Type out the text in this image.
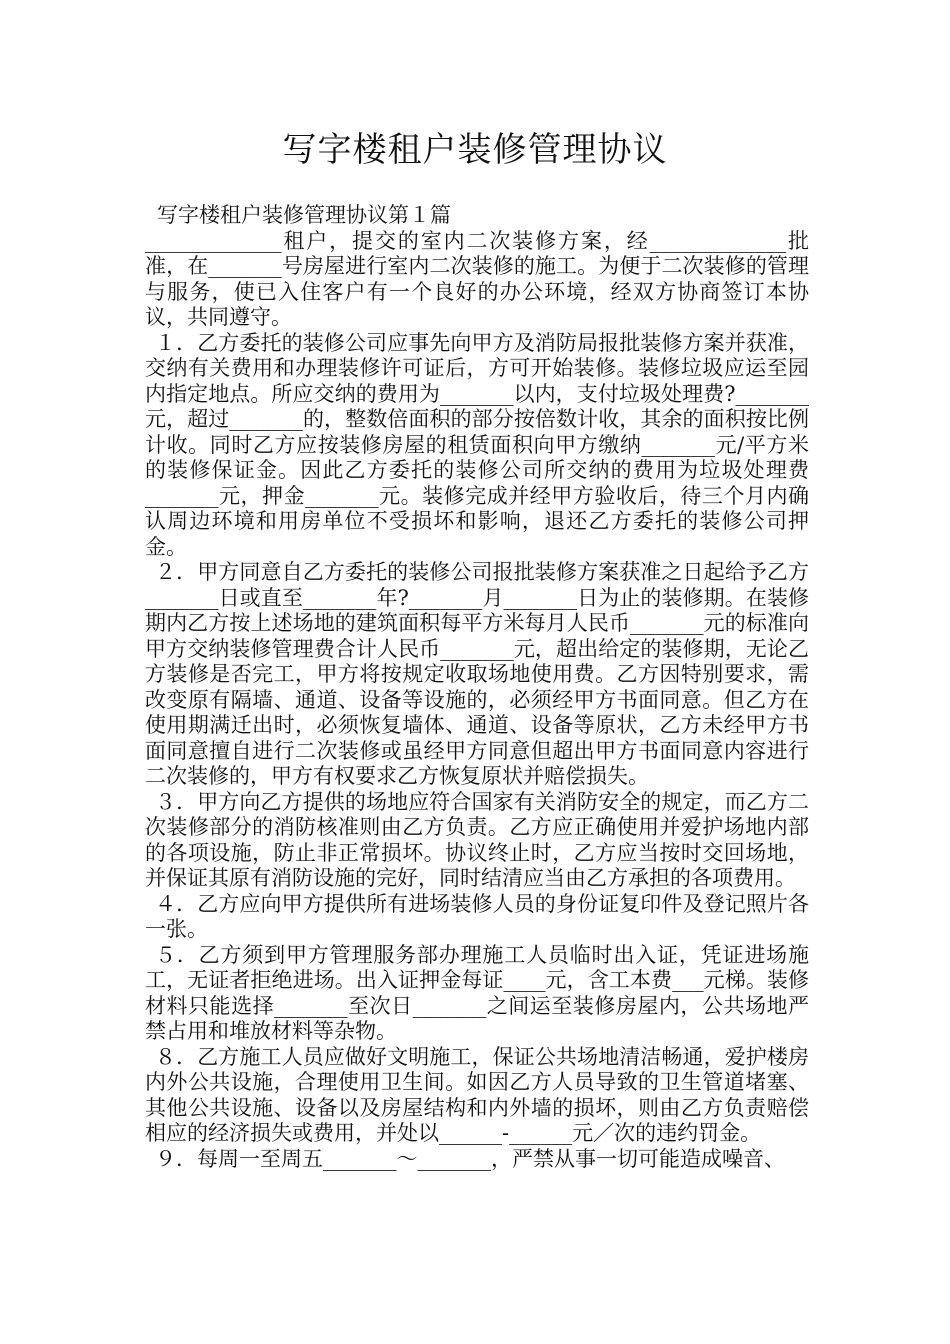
写字楼租户装修管理协议

写字楼租户装修管理协议第１篇

_____________租户，提交的室内二次装修方案，经_____________批准，在_______号房屋进行室内二次装修的施工。为便于二次装修的管理与服务，使已入住客户有一个良好的办公环境，经双方协商签订本协议，共同遵守。

１．乙方委托的装修公司应事先向甲方及消防局报批装修方案并获准，交纳有关费用和办理装修许可证后，方可开始装修。装修垃圾应运至园内指定地点。所应交纳的费用为_______以内，支付垃圾处理费?_______元，超过_______的，整数倍面积的部分按倍数计收，其余的面积按比例计收。同时乙方应按装修房屋的租赁面积向甲方缴纳_______元/平方米的装修保证金。因此乙方委托的装修公司所交纳的费用为垃圾处理费_______元，押金_______元。装修完成并经甲方验收后，待三个月内确认周边环境和用房单位不受损坏和影响，退还乙方委托的装修公司押金。

２．甲方同意自乙方委托的装修公司报批装修方案获准之日起给予乙方_______日或直至_______年?_______月_______日为止的装修期。在装修期内乙方按上述场地的建筑面积每平方米每月人民币_______元的标准向甲方交纳装修管理费合计人民币_______元，超出给定的装修期，无论乙方装修是否完工，甲方将按规定收取场地使用费。乙方因特别要求，需改变原有隔墙、通道、设备等设施的，必须经甲方书面同意。但乙方在使用期满迁出时，必须恢复墙体、通道、设备等原状，乙方未经甲方书面同意擅自进行二次装修或虽经甲方同意但超出甲方书面同意内容进行二次装修的，甲方有权要求乙方恢复原状并赔偿损失。

３．甲方向乙方提供的场地应符合国家有关消防安全的规定，而乙方二次装修部分的消防核准则由乙方负责。乙方应正确使用并爱护场地内部的各项设施，防止非正常损坏。协议终止时，乙方应当按时交回场地，并保证其原有消防设施的完好，同时结清应当由乙方承担的各项费用。

４．乙方应向甲方提供所有进场装修人员的身份证复印件及登记照片各一张。

５．乙方须到甲方管理服务部办理施工人员临时出入证，凭证进场施工，无证者拒绝进场。出入证押金每证____元，含工本费___元梯。装修材料只能选择_______至次日_______之间运至装修房屋内，公共场地严禁占用和堆放材料等杂物。

８．乙方施工人员应做好文明施工，保证公共场地清洁畅通，爱护楼房内外公共设施，合理使用卫生间。如因乙方人员导致的卫生管道堵塞、其他公共设施、设备以及房屋结构和内外墙的损坏，则由乙方负责赔偿相应的经济损失或费用，并处以______-______元／次的违约罚金。

９．每周一至周五_______～_______，严禁从事一切可能造成噪音、
